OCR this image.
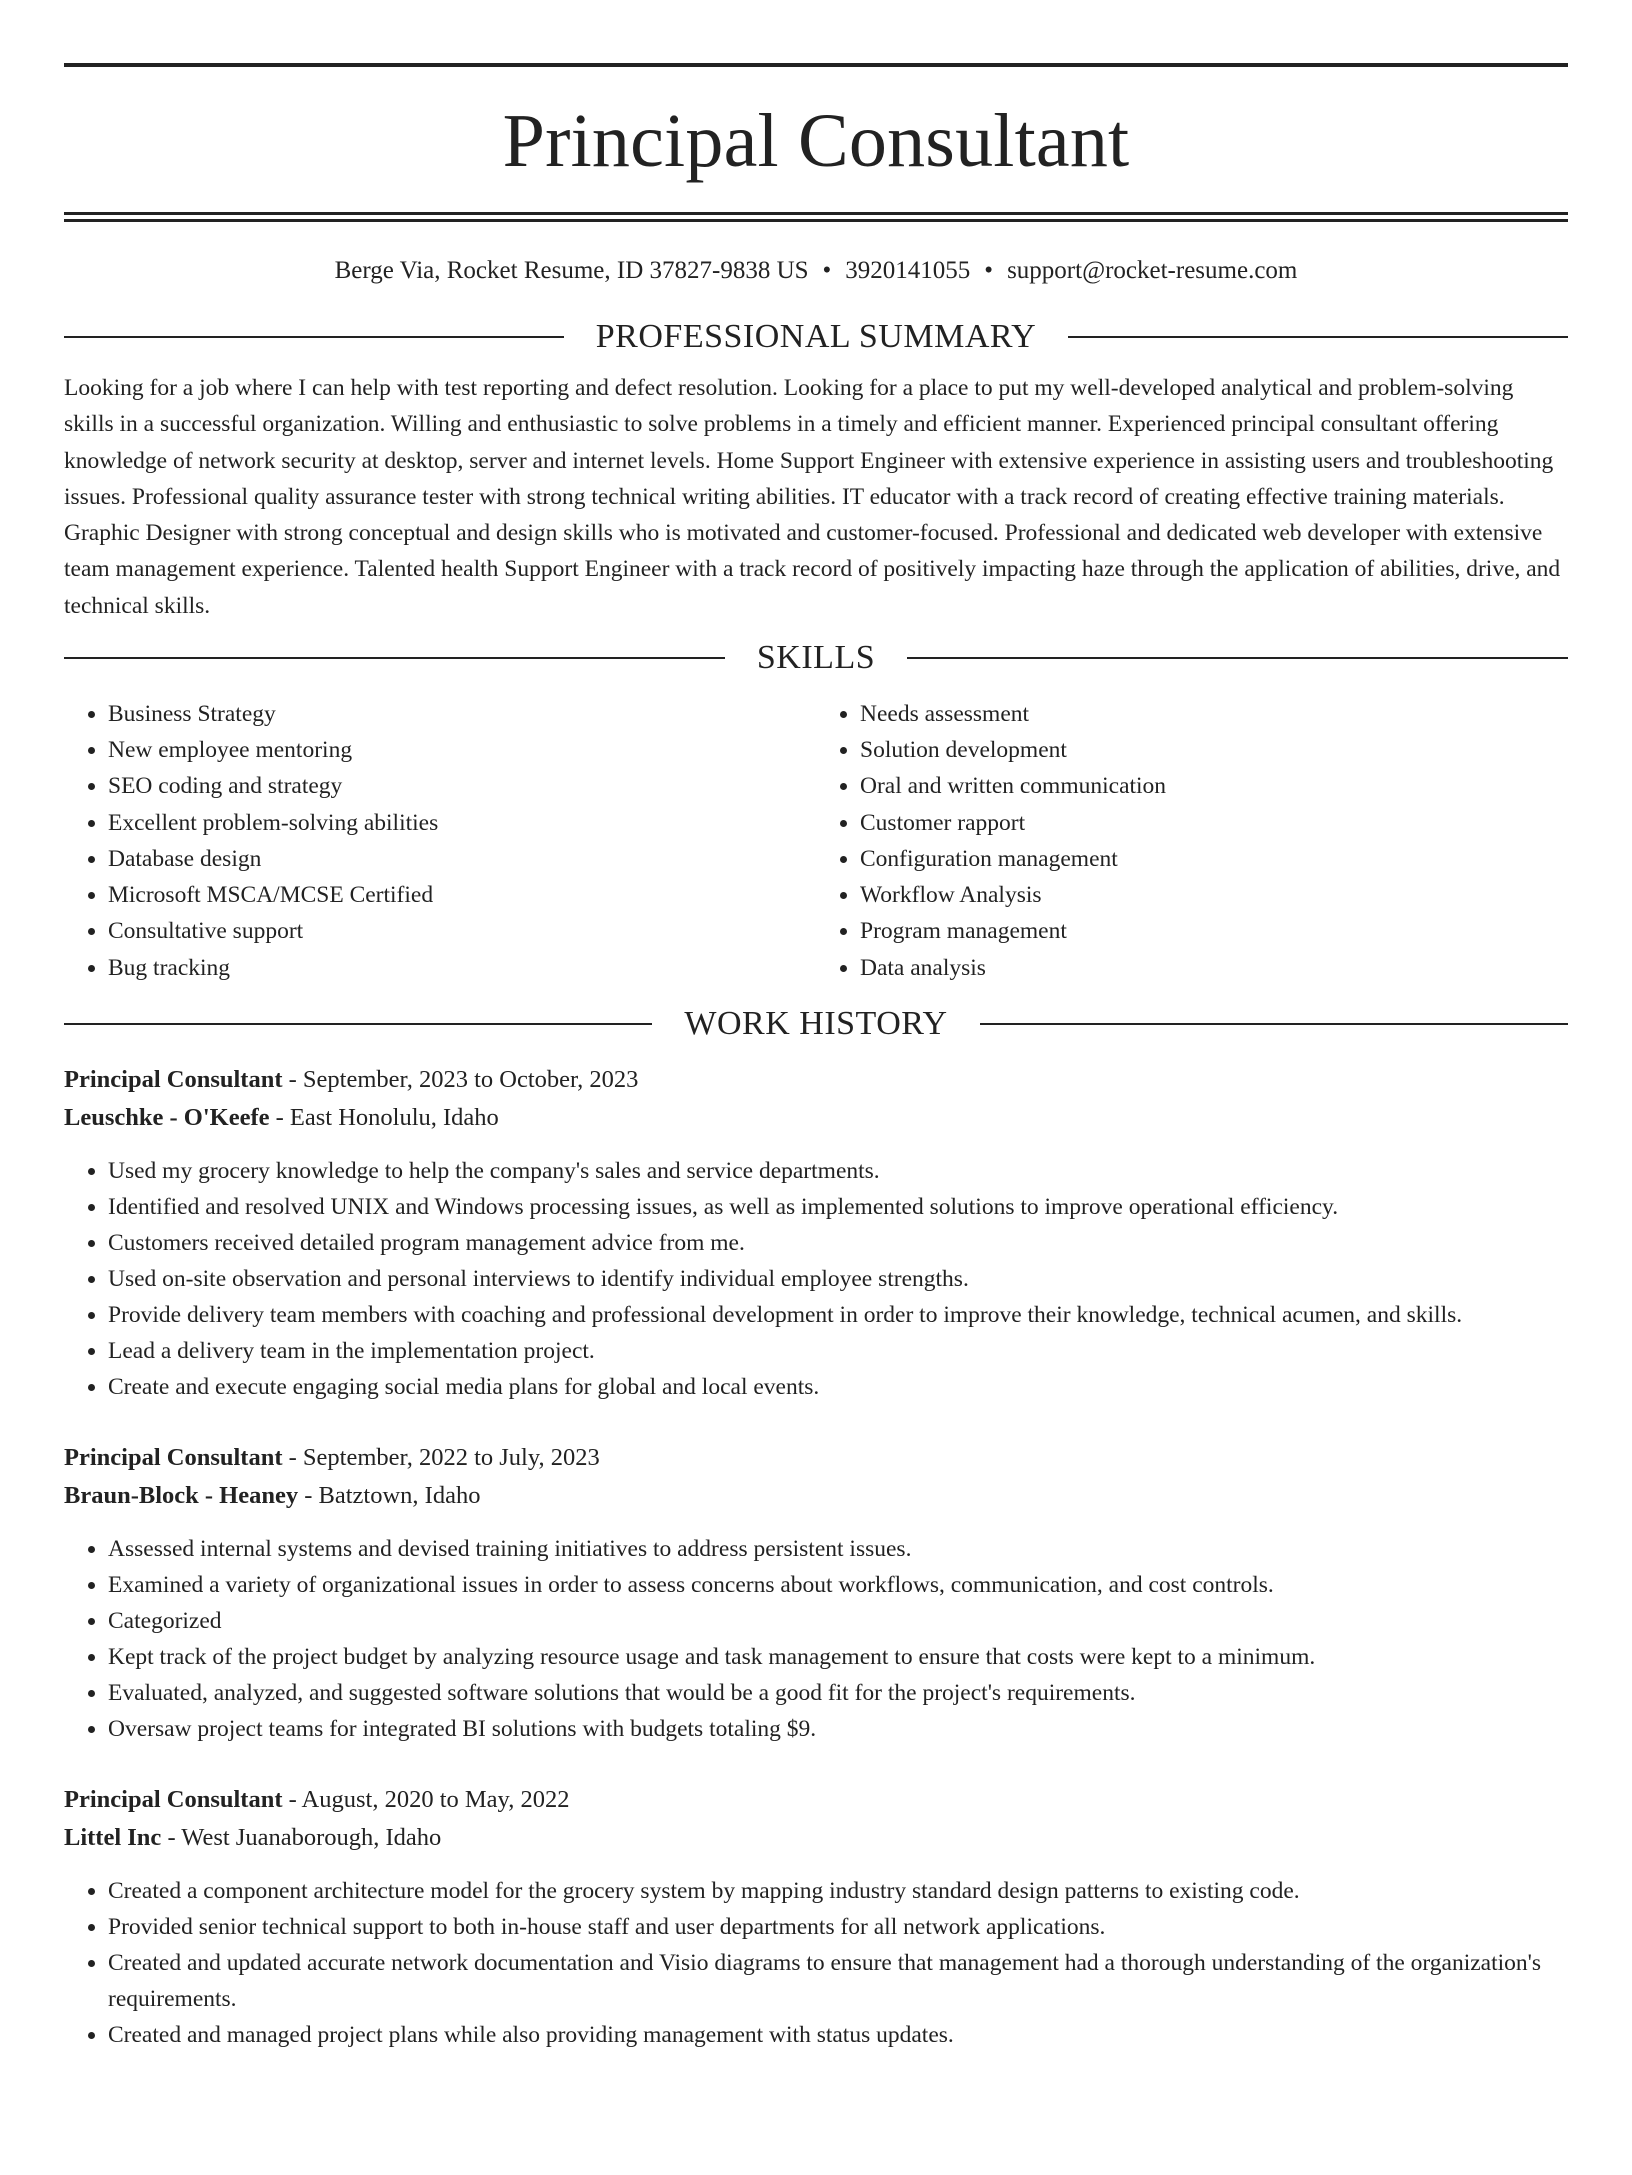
Principal Consultant
Berge Via, Rocket Resume, ID 37827-9838 US • 3920141055 • support@rocket-resume.com
PROFESSIONAL SUMMARY

Looking for a job where I can help with test reporting and defect resolution. Looking for a place to put my well-developed analytical and problem-solving skills in a successful organization. Willing and enthusiastic to solve problems in a timely and efficient manner. Experienced principal consultant offering knowledge of network security at desktop, server and internet levels. Home Support Engineer with extensive experience in assisting users and troubleshooting issues. Professional quality assurance tester with strong technical writing abilities. IT educator with a track record of creating effective training materials. Graphic Designer with strong conceptual and design skills who is motivated and customer-focused. Professional and dedicated web developer with extensive team management experience. Talented health Support Engineer with a track record of positively impacting haze through the application of abilities, drive, and technical skills.

SKILLS
• Business Strategy
• New employee mentoring
• SEO coding and strategy
• Excellent problem-solving abilities
• Database design
• Microsoft MSCA/MCSE Certified
• Consultative support
• Bug tracking
• Needs assessment
• Solution development
• Oral and written communication
• Customer rapport
• Configuration management
• Workflow Analysis
• Program management
• Data analysis
WORK HISTORY
Principal Consultant - September, 2023 to October, 2023
Leuschke - O'Keefe - East Honolulu, Idaho
• Used my grocery knowledge to help the company's sales and service departments.
• Identified and resolved UNIX and Windows processing issues, as well as implemented solutions to improve operational efficiency.
• Customers received detailed program management advice from me.
• Used on-site observation and personal interviews to identify individual employee strengths.
• Provide delivery team members with coaching and professional development in order to improve their knowledge, technical acumen, and skills.
• Lead a delivery team in the implementation project.
• Create and execute engaging social media plans for global and local events.
Principal Consultant - September, 2022 to July, 2023
Braun-Block - Heaney - Batztown, Idaho
• Assessed internal systems and devised training initiatives to address persistent issues.
• Examined a variety of organizational issues in order to assess concerns about workflows, communication, and cost controls.
• Categorized
• Kept track of the project budget by analyzing resource usage and task management to ensure that costs were kept to a minimum.
• Evaluated, analyzed, and suggested software solutions that would be a good fit for the project's requirements.
• Oversaw project teams for integrated BI solutions with budgets totaling $9.
Principal Consultant - August, 2020 to May, 2022
Littel Inc - West Juanaborough, Idaho
• Created a component architecture model for the grocery system by mapping industry standard design patterns to existing code.
• Provided senior technical support to both in-house staff and user departments for all network applications.
• Created and updated accurate network documentation and Visio diagrams to ensure that management had a thorough understanding of the organization's requirements.
• Created and managed project plans while also providing management with status updates.
